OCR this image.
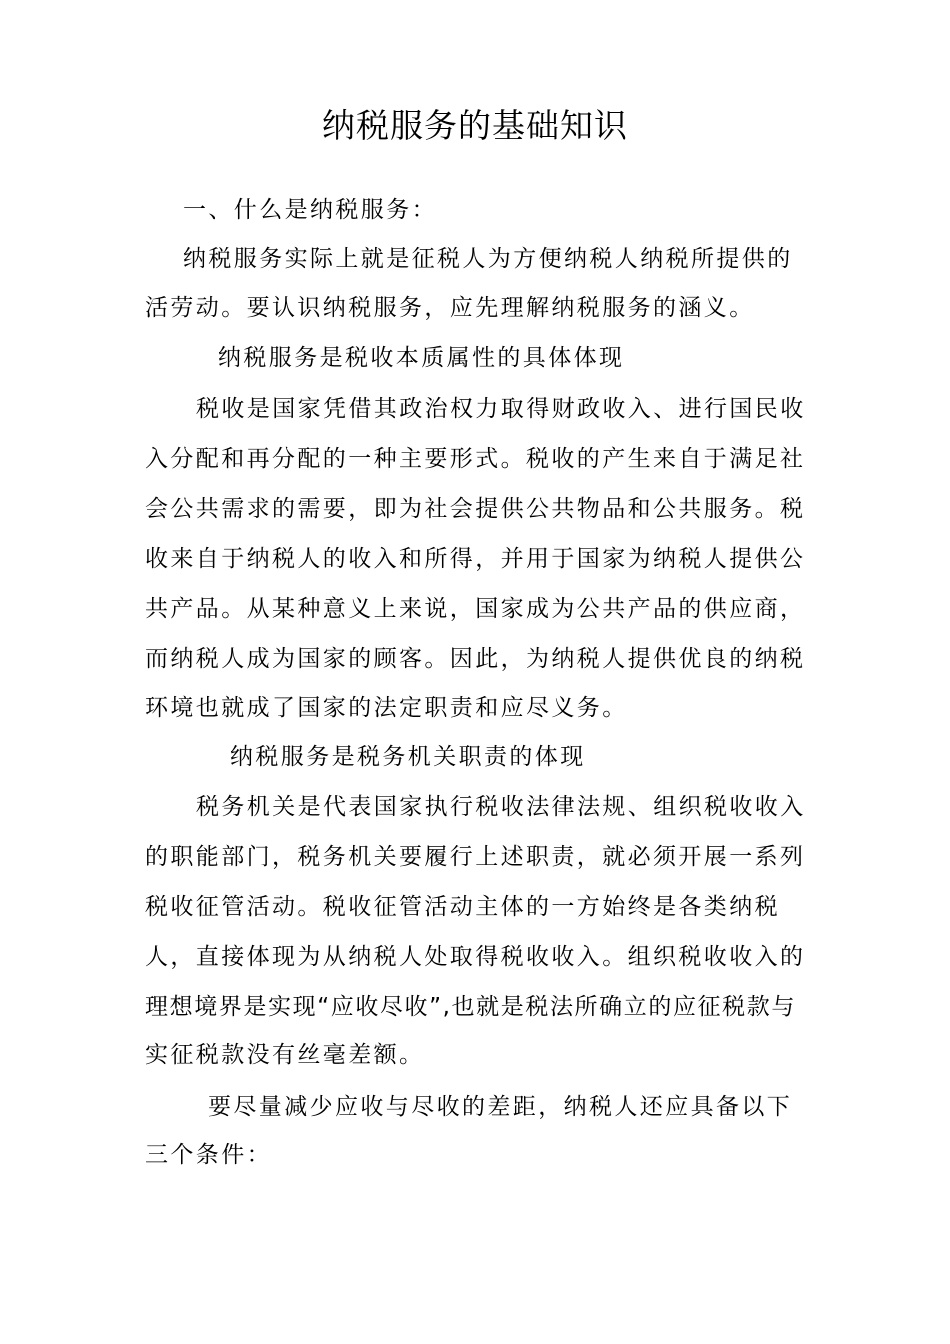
纳税服务的基础知识
一、什么是纳税服务：
纳税服务实际上就是征税人为方便纳税人纳税所提供的
活劳动。要认识纳税服务，应先理解纳税服务的涵义。
纳税服务是税收本质属性的具体体现
税收是国家凭借其政治权力取得财政收入、进行国民收
入分配和再分配的一种主要形式。税收的产生来自于满足社
会公共需求的需要，即为社会提供公共物品和公共服务。税
收来自于纳税人的收入和所得，并用于国家为纳税人提供公
共产品。从某种意义上来说，国家成为公共产品的供应商，
而纳税人成为国家的顾客。因此，为纳税人提供优良的纳税
环境也就成了国家的法定职责和应尽义务。
纳税服务是税务机关职责的体现
税务机关是代表国家执行税收法律法规、组织税收收入
的职能部门，税务机关要履行上述职责，就必须开展一系列
税收征管活动。税收征管活动主体的一方始终是各类纳税
人，直接体现为从纳税人处取得税收收入。组织税收收入的
理想境界是实现“应收尽收”,也就是税法所确立的应征税款与
实征税款没有丝毫差额。
要尽量减少应收与尽收的差距，纳税人还应具备以下
三个条件：
